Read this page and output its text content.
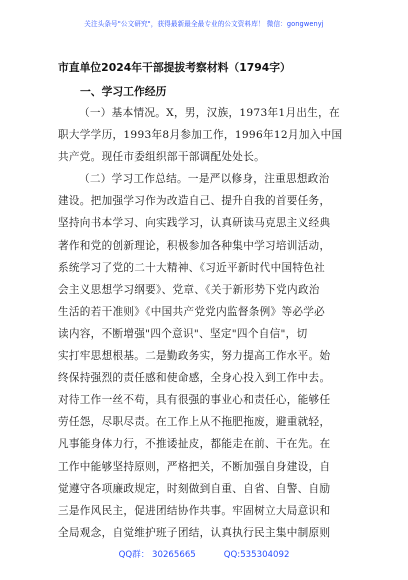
关注头条号"公文研究"，获得最新最全最专业的公文资料库！ 微信：gongwenyj
市直单位2024年干部提拔考察材料（1794字）
一、学习工作经历
（一）基本情况。X，男，汉族，1973年1月出生，在
职大学学历，1993年8月参加工作，1996年12月加入中国
共产党。现任市委组织部干部调配处处长。
（二）学习工作总结。一是严以修身，注重思想政治
建设。把加强学习作为改造自己、提升自我的首要任务，
坚持向书本学习、向实践学习，认真研读马克思主义经典
著作和党的创新理论，积极参加各种集中学习培训活动，
系统学习了党的二十大精神、《习近平新时代中国特色社
会主义思想学习纲要》、党章、《关于新形势下党内政治
生活的若干准则》《中国共产党党内监督条例》等必学必
读内容，不断增强"四个意识"、坚定"四个自信"，切
实打牢思想根基。二是勤政务实，努力提高工作水平。始
终保持强烈的责任感和使命感，全身心投入到工作中去。
对待工作一丝不苟，具有很强的事业心和责任心，能够任
劳任怨，尽职尽责。在工作上从不拖肥拖废，避重就轻，
凡事能身体力行，不推诿扯皮，都能走在前、干在先。在
工作中能够坚持原则，严格把关，不断加强自身建设，自
觉遵守各项廉政规定，时刻做到自重、自省、自警、自励
三是作风民主，促进团结协作共事。牢固树立大局意识和
全局观念，自觉维护班子团结，认真执行民主集中制原则
QQ群： 30265665	QQ:535304092
